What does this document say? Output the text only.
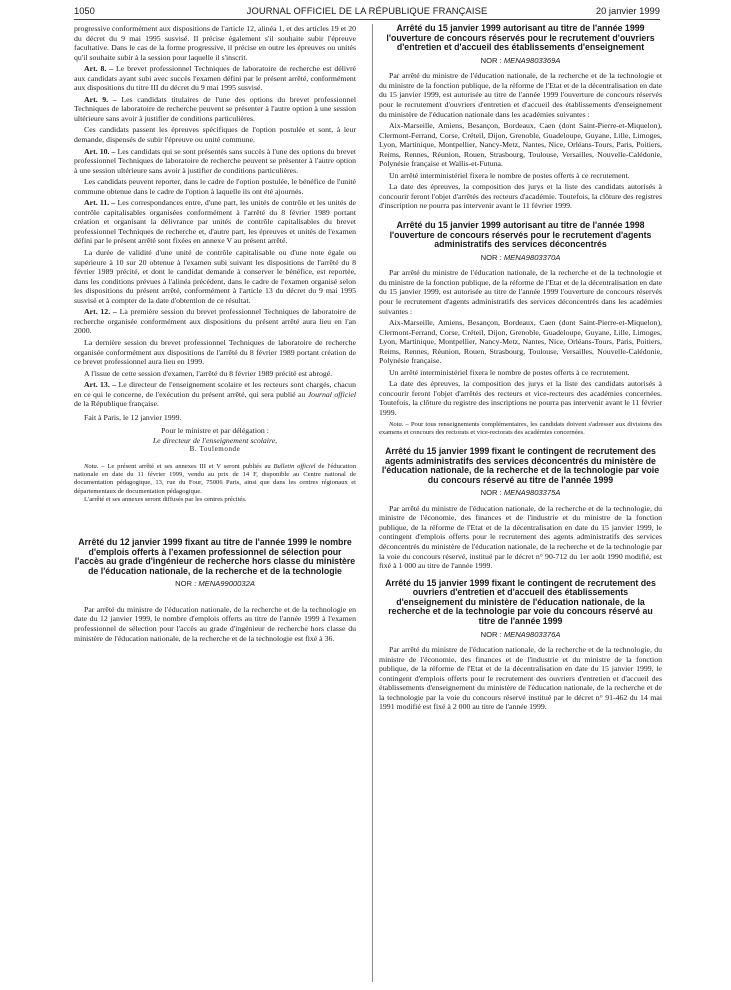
1050	JOURNAL OFFICIEL DE LA RÉPUBLIQUE FRANÇAISE	20 janvier 1999

progressive conformément aux dispositions de l'article 12, alinéa 1, et des articles 19 et 20 du décret du 9 mai 1995 susvisé. Il précise également s'il souhaite subir l'épreuve facultative. Dans le cas de la forme progressive, il précise en outre les épreuves ou unités qu'il souhaite subir à la session pour laquelle il s'inscrit.

Art. 8. – Le brevet professionnel Techniques de laboratoire de recherche est délivré aux candidats ayant subi avec succès l'examen défini par le présent arrêté, conformément aux dispositions du titre III du décret du 9 mai 1995 susvisé.

Art. 9. – Les candidats titulaires de l'une des options du brevet professionnel Techniques de laboratoire de recherche peuvent se présenter à l'autre option à une session ultérieure sans avoir à justifier de conditions particulières.

Ces candidats passent les épreuves spécifiques de l'option postulée et sont, à leur demande, dispensés de subir l'épreuve ou unité commune.

Art. 10. – Les candidats qui se sont présentés sans succès à l'une des options du brevet professionnel Techniques de laboratoire de recherche peuvent se présenter à l'autre option à une session ultérieure sans avoir à justifier de conditions particulières.

Les candidats peuvent reporter, dans le cadre de l'option postulée, le bénéfice de l'unité commune obtenue dans le cadre de l'option à laquelle ils ont été ajournés.

Art. 11. – Les correspondances entre, d'une part, les unités de contrôle et les unités de contrôle capitalisables organisées conformément à l'arrêté du 8 février 1989 portant création et organisant la délivrance par unités de contrôle capitalisables du brevet professionnel Techniques de recherche et, d'autre part, les épreuves et unités de l'examen défini par le présent arrêté sont fixées en annexe V au présent arrêté.

La durée de validité d'une unité de contrôle capitalisable ou d'une note égale ou supérieure à 10 sur 20 obtenue à l'examen subi suivant les dispositions de l'arrêté du 8 février 1989 précité, et dont le candidat demande à conserver le bénéfice, est reportée, dans les conditions prévues à l'alinéa précédent, dans le cadre de l'examen organisé selon les dispositions du présent arrêté, conformément à l'article 13 du décret du 9 mai 1995 susvisé et à compter de la date d'obtention de ce résultat.

Art. 12. – La première session du brevet professionnel Techniques de laboratoire de recherche organisée conformément aux dispositions du présent arrêté aura lieu en l'an 2000.

La dernière session du brevet professionnel Techniques de laboratoire de recherche organisée conformément aux dispositions de l'arrêté du 8 février 1989 portant création de ce brevet professionnel aura lieu en 1999.

A l'issue de cette session d'examen, l'arrêté du 8 février 1989 précité est abrogé.

Art. 13. – Le directeur de l'enseignement scolaire et les recteurs sont chargés, chacun en ce qui le concerne, de l'exécution du présent arrêté, qui sera publié au Journal officiel de la République française.

Fait à Paris, le 12 janvier 1999.

Pour le ministre et par délégation :
Le directeur de l'enseignement scolaire,
B. Toulemonde

Nota. – Le présent arrêté et ses annexes III et V seront publiés au Bulletin officiel de l'éducation nationale en date du 11 février 1999, vendu au prix de 14 F, disponible au Centre national de documentation pédagogique, 13, rue du Four, 75006 Paris, ainsi que dans les centres régionaux et départementaux de documentation pédagogique.

L'arrêté et ses annexes seront diffusés par les centres précités.

Arrêté du 12 janvier 1999 fixant au titre de l'année 1999 le nombre d'emplois offerts à l'examen professionnel de sélection pour l'accès au grade d'ingénieur de recherche hors classe du ministère de l'éducation nationale, de la recherche et de la technologie
NOR : MENA9900032A

Par arrêté du ministre de l'éducation nationale, de la recherche et de la technologie en date du 12 janvier 1999, le nombre d'emplois offerts au titre de l'année 1999 à l'examen professionnel de sélection pour l'accès au grade d'ingénieur de recherche hors classe du ministère de l'éducation nationale, de la recherche et de la technologie est fixé à 36.

Arrêté du 15 janvier 1999 autorisant au titre de l'année 1999 l'ouverture de concours réservés pour le recrutement d'ouvriers d'entretien et d'accueil des établissements d'enseignement
NOR : MENA9803369A

Par arrêté du ministre de l'éducation nationale, de la recherche et de la technologie et du ministre de la fonction publique, de la réforme de l'Etat et de la décentralisation en date du 15 janvier 1999, est autorisée au titre de l'année 1999 l'ouverture de concours réservés pour le recrutement d'ouvriers d'entretien et d'accueil des établissements d'enseignement du ministère de l'éducation nationale dans les académies suivantes :

Aix-Marseille, Amiens, Besançon, Bordeaux, Caen (dont Saint-Pierre-et-Miquelon), Clermont-Ferrand, Corse, Créteil, Dijon, Grenoble, Guadeloupe, Guyane, Lille, Limoges, Lyon, Martinique, Montpellier, Nancy-Metz, Nantes, Nice, Orléans-Tours, Paris, Poitiers, Reims, Rennes, Réunion, Rouen, Strasbourg, Toulouse, Versailles, Nouvelle-Calédonie, Polynésie française et Wallis-et-Futuna.

Un arrêté interministériel fixera le nombre de postes offerts à ce recrutement.

La date des épreuves, la composition des jurys et la liste des candidats autorisés à concourir feront l'objet d'arrêtés des recteurs d'académie. Toutefois, la clôture des registres d'inscription ne pourra pas intervenir avant le 11 février 1999.

Arrêté du 15 janvier 1999 autorisant au titre de l'année 1998 l'ouverture de concours réservés pour le recrutement d'agents administratifs des services déconcentrés
NOR : MENA9803370A

Par arrêté du ministre de l'éducation nationale, de la recherche et de la technologie et du ministre de la fonction publique, de la réforme de l'Etat et de la décentralisation en date du 15 janvier 1999, est autorisée au titre de l'année 1999 l'ouverture de concours réservés pour le recrutement d'agents administratifs des services déconcentrés dans les académies suivantes :

Aix-Marseille, Amiens, Besançon, Bordeaux, Caen (dont Saint-Pierre-et-Miquelon), Clermont-Ferrand, Corse, Créteil, Dijon, Grenoble, Guadeloupe, Guyane, Lille, Limoges, Lyon, Martinique, Montpellier, Nancy-Metz, Nantes, Nice, Orléans-Tours, Paris, Poitiers, Reims, Rennes, Réunion, Rouen, Strasbourg, Toulouse, Versailles, Nouvelle-Calédonie, Polynésie française.

Un arrêté interministériel fixera le nombre de postes offerts à ce recrutement.

La date des épreuves, la composition des jurys et la liste des candidats autorisés à concourir feront l'objet d'arrêtés des recteurs et vice-recteurs des académies concernées. Toutefois, la clôture du registre des inscriptions ne pourra pas intervenir avant le 11 février 1999.

Nota. – Pour tous renseignements complémentaires, les candidats doivent s'adresser aux divisions des examens et concours des rectorats et vice-rectorats des académies concernées.

Arrêté du 15 janvier 1999 fixant le contingent de recrutement des agents administratifs des services déconcentrés du ministère de l'éducation nationale, de la recherche et de la technologie par voie du concours réservé au titre de l'année 1999
NOR : MENA9803375A

Par arrêté du ministre de l'éducation nationale, de la recherche et de la technologie, du ministre de l'économie, des finances et de l'industrie et du ministre de la fonction publique, de la réforme de l'Etat et de la décentralisation en date du 15 janvier 1999, le contingent d'emplois offerts pour le recrutement des agents administratifs des services déconcentrés du ministère de l'éducation nationale, de la recherche et de la technologie par la voie du concours réservé, institué par le décret n° 90-712 du 1er août 1990 modifié, est fixé à 1 000 au titre de l'année 1999.

Arrêté du 15 janvier 1999 fixant le contingent de recrutement des ouvriers d'entretien et d'accueil des établissements d'enseignement du ministère de l'éducation nationale, de la recherche et de la technologie par voie du concours réservé au titre de l'année 1999
NOR : MENA9803376A

Par arrêté du ministre de l'éducation nationale, de la recherche et de la technologie, du ministre de l'économie, des finances et de l'industrie et du ministre de la fonction publique, de la réforme de l'Etat et de la décentralisation en date du 15 janvier 1999, le contingent d'emplois offerts pour le recrutement des ouvriers d'entretien et d'accueil des établissements d'enseignement du ministère de l'éducation nationale, de la recherche et de la technologie par la voie du concours réservé institué par le décret n° 91-462 du 14 mai 1991 modifié est fixé à 2 000 au titre de l'année 1999.
